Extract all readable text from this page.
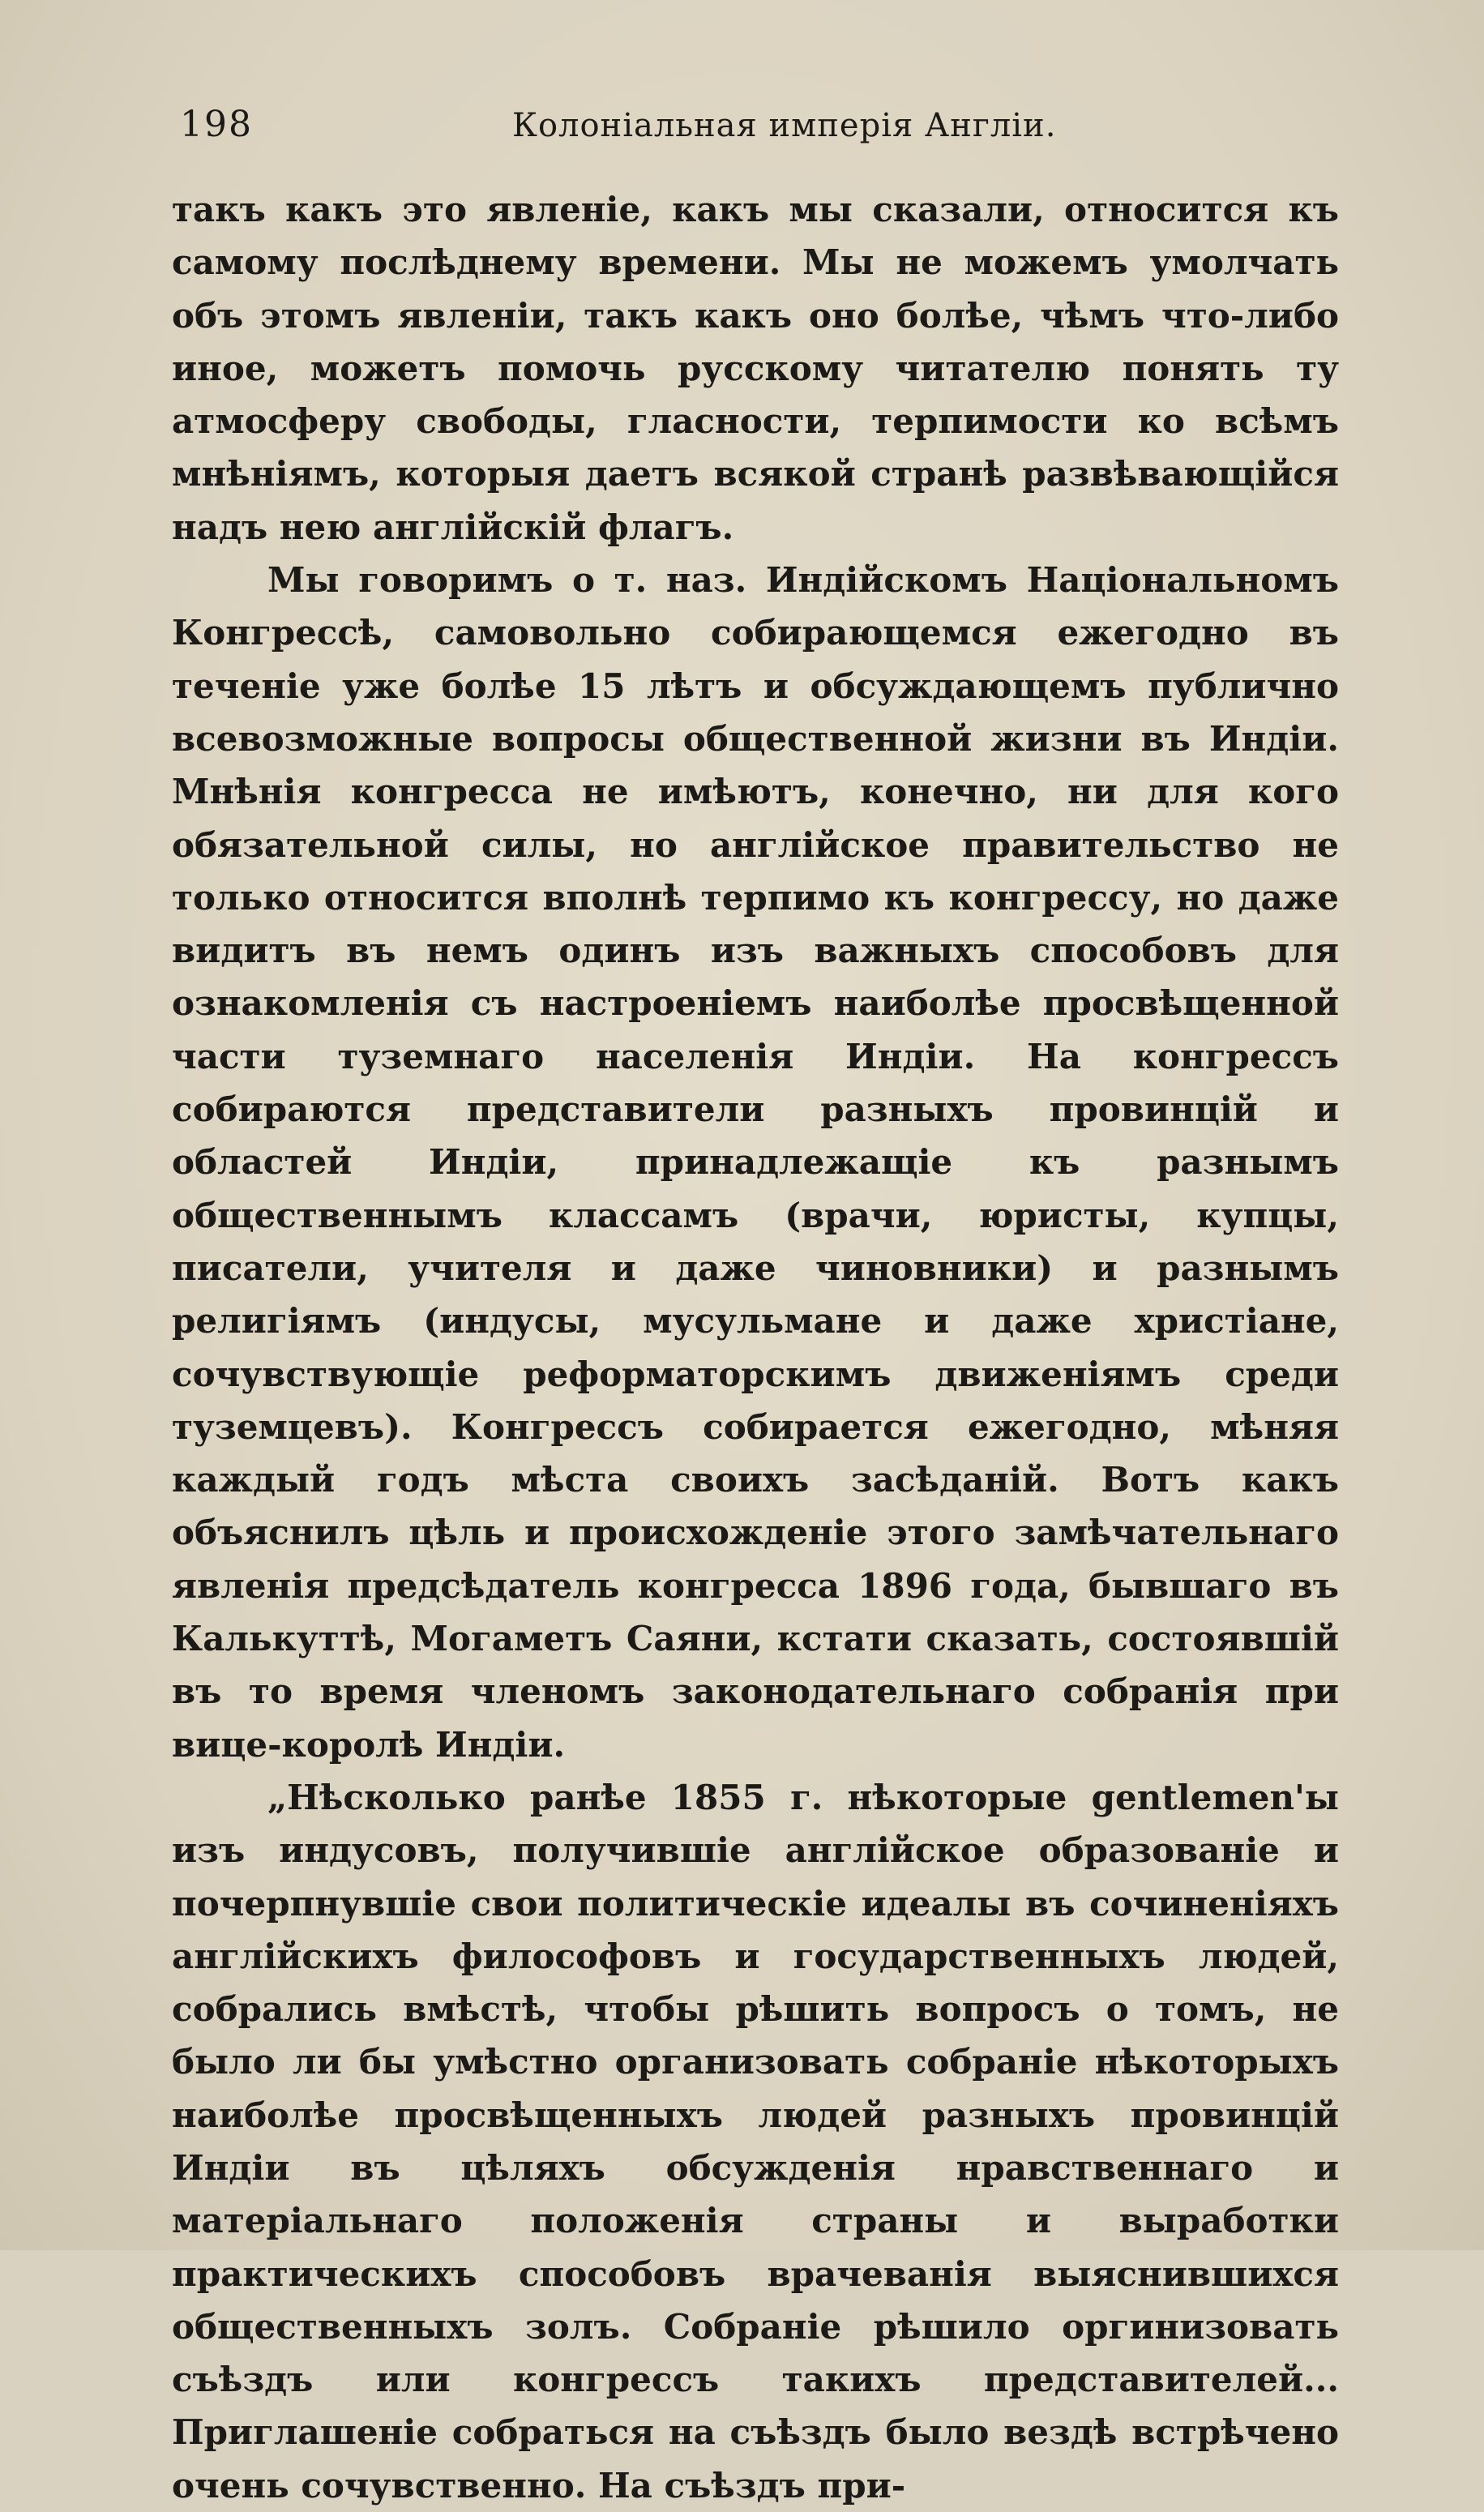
198	Колоніальная имперія Англіи.

такъ какъ это явленіе, какъ мы сказали, относится къ самому послѣднему времени. Мы не можемъ умолчать объ этомъ явленіи, такъ какъ оно болѣе, чѣмъ что-либо иное, можетъ помочь русскому читателю понять ту атмосферу свободы, гласности, терпимости ко всѣмъ мнѣніямъ, которыя даетъ всякой странѣ развѣвающійся надъ нею англійскій флагъ.

Мы говоримъ о т. наз. Индійскомъ Національномъ Конгрессѣ, самовольно собирающемся ежегодно въ теченіе уже болѣе 15 лѣтъ и обсуждающемъ публично всевозможные вопросы общественной жизни въ Индіи. Мнѣнія конгресса не имѣютъ, конечно, ни для кого обязательной силы, но англійское правительство не только относится вполнѣ терпимо къ конгрессу, но даже видитъ въ немъ одинъ изъ важныхъ способовъ для ознакомленія съ настроеніемъ наиболѣе просвѣщенной части туземнаго населенія Индіи. На конгрессъ собираются представители разныхъ провинцій и областей Индіи, принадлежащіе къ разнымъ общественнымъ классамъ (врачи, юристы, купцы, писатели, учителя и даже чиновники) и разнымъ религіямъ (индусы, мусульмане и даже христіане, сочувствующіе реформаторскимъ движеніямъ среди туземцевъ). Конгрессъ собирается ежегодно, мѣняя каждый годъ мѣста своихъ засѣданій. Вотъ какъ объяснилъ цѣль и происхожденіе этого замѣчательнаго явленія предсѣдатель конгресса 1896 года, бывшаго въ Калькуттѣ, Могаметъ Саяни, кстати сказать, состоявшій въ то время членомъ законодательнаго собранія при вице-королѣ Индіи.

„Нѣсколько ранѣе 1855 г. нѣкоторые gentlemen'ы изъ индусовъ, получившіе англійское образованіе и почерпнувшіе свои политическіе идеалы въ сочиненіяхъ англійскихъ философовъ и государственныхъ людей, собрались вмѣстѣ, чтобы рѣшить вопросъ о томъ, не было ли бы умѣстно организовать собраніе нѣкоторыхъ наиболѣе просвѣщенныхъ людей разныхъ провинцій Индіи въ цѣляхъ обсужденія нравственнаго и матеріальнаго положенія страны и выработки практическихъ способовъ врачеванія выяснившихся общественныхъ золъ. Собраніе рѣшило оргинизовать съѣздъ или конгрессъ такихъ представителей... Приглашеніе собраться на съѣздъ было вездѣ встрѣчено очень сочувственно. На съѣздъ при-
